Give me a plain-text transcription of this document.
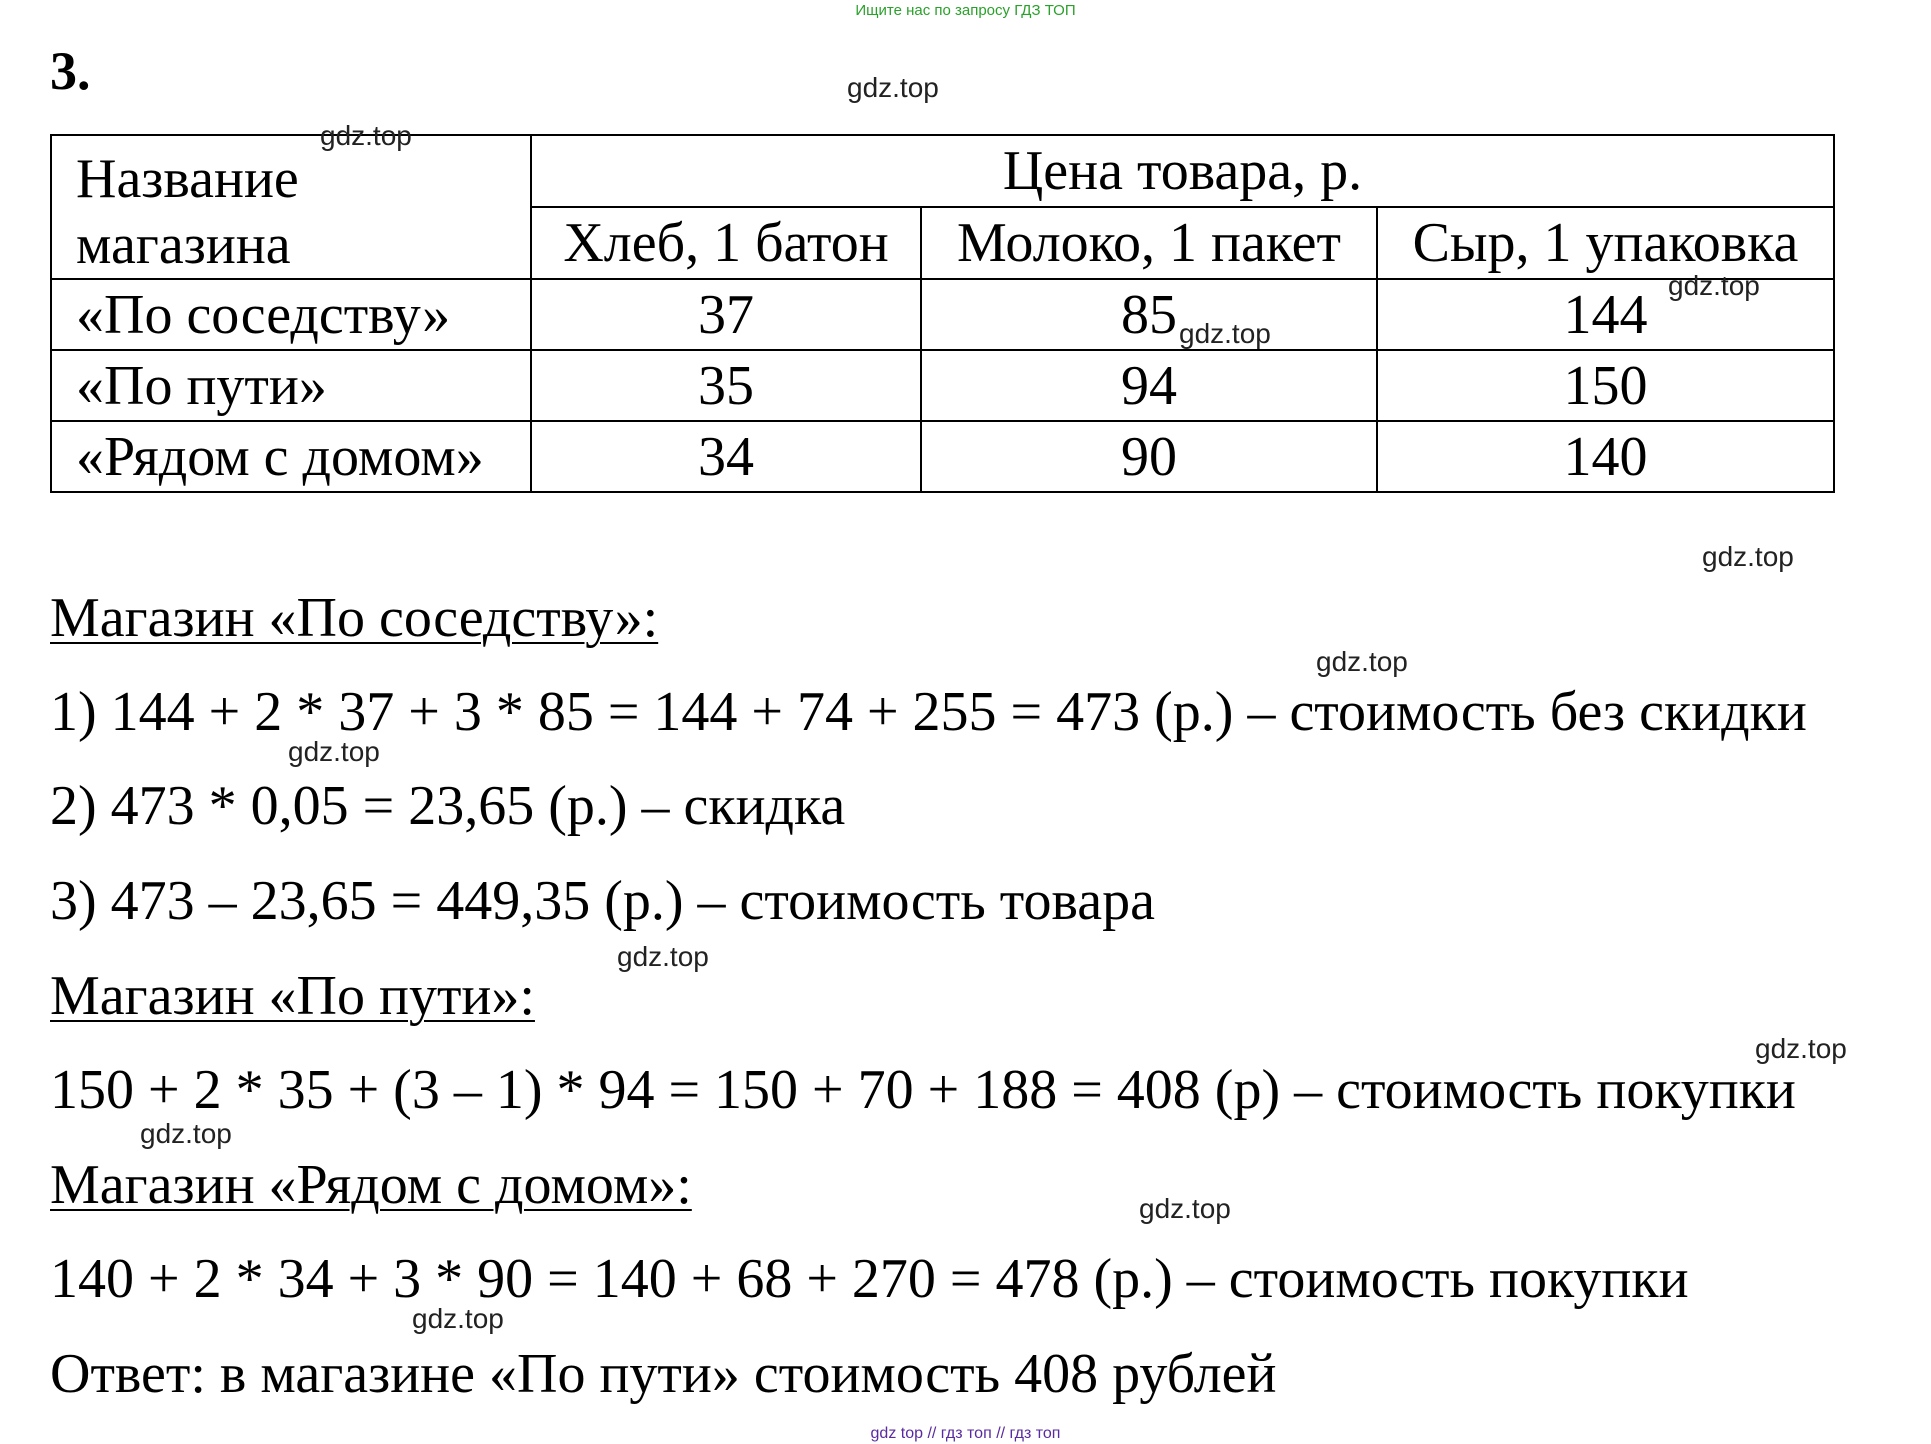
Ищите нас по запросу ГДЗ ТОП
3.
Название
магазина	Цена товара, р.		
	Хлеб, 1 батон	Молоко, 1 пакет	Сыр, 1 упаковка
«По соседству»	37	85	144
«По пути»	35	94	150
«Рядом с домом»	34	90	140
Магазин «По соседству»:
1) 144 + 2 * 37 + 3 * 85 = 144 + 74 + 255 = 473 (р.) – стоимость без скидки
2) 473 * 0,05 = 23,65 (р.) – скидка
3) 473 – 23,65 = 449,35 (р.) – стоимость товара
Магазин «По пути»:
150 + 2 * 35 + (3 – 1) * 94 = 150 + 70 + 188 = 408 (р) – стоимость покупки
Магазин «Рядом с домом»:
140 + 2 * 34 + 3 * 90 = 140 + 68 + 270 = 478 (р.) – стоимость покупки
Ответ: в магазине «По пути» стоимость 408 рублей
gdz.top
gdz.top
gdz.top
gdz.top
gdz.top
gdz.top
gdz.top
gdz.top
gdz.top
gdz.top
gdz.top
gdz.top
gdz top // гдз топ // гдз топ
